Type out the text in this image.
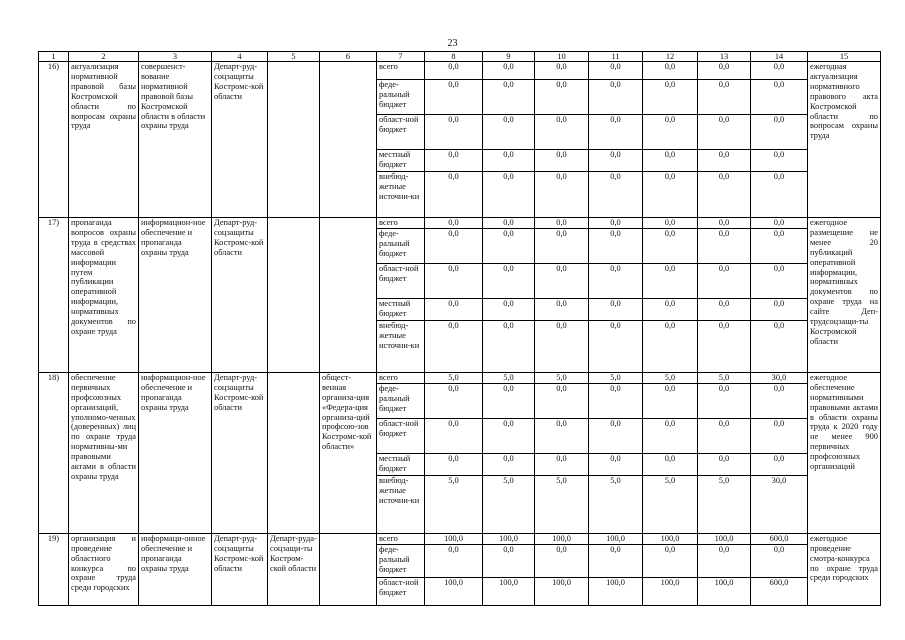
23
1	2	3	4	5	6	7	8	9	10	11	12	13	14	15
16)	актуализация нормативной правовой базы Костромской области по вопросам охраны труда	совершенст-вование нормативной правовой базы Костромской области в области охраны труда	Департ-руд-соцзащиты Костромс-кой области			всего	0,0	0,0	0,0	0,0	0,0	0,0	0,0	ежегодная актуализация нормативного правового акта Костромской области по вопросам охраны труда
						феде-ральный бюджет	0,0	0,0	0,0	0,0	0,0	0,0	0,0	
						област-ной бюджет	0,0	0,0	0,0	0,0	0,0	0,0	0,0	
						местный бюджет	0,0	0,0	0,0	0,0	0,0	0,0	0,0	
						внебюд-жетные источни-ки	0,0	0,0	0,0	0,0	0,0	0,0	0,0	
17)	пропаганда вопросов охраны труда в средствах массовой информации путем публикации оперативной информации, нормативных документов по охране труда	информацион-ное обеспечение и пропаганда охраны труда	Департ-руд-соцзащиты Костромс-кой области			всего	0,0	0,0	0,0	0,0	0,0	0,0	0,0	ежегодное размещение не менее 20 публикаций оперативной информации, нормативных документов по охране труда на сайте Деп-трудсоцзащи-ты Костромской области
						феде-ральный бюджет	0,0	0,0	0,0	0,0	0,0	0,0	0,0	
						област-ной бюджет	0,0	0,0	0,0	0,0	0,0	0,0	0,0	
						местный бюджет	0,0	0,0	0,0	0,0	0,0	0,0	0,0	
						внебюд-жетные источни-ки	0,0	0,0	0,0	0,0	0,0	0,0	0,0	
18)	обеспечение первичных профсоюзных организаций, уполномо-ченных (доверенных) лиц по охране труда нормативны-ми правовыми актами в области охраны труда	информацион-ное обеспечение и пропаганда охраны труда	Департ-руд-соцзащиты Костромс-кой области		общест-венная организа-ция «Федера-ция организа-ций профсою-зов Костромс-кой области»	всего	5,0	5,0	5,0	5,0	5,0	5,0	30,0	ежегодное обеспечение нормативными правовыми актами в области охраны труда к 2020 году не менее 900 первичных профсоюзных организаций
						феде-ральный бюджет	0,0	0,0	0,0	0,0	0,0	0,0	0,0	
						област-ной бюджет	0,0	0,0	0,0	0,0	0,0	0,0	0,0	
						местный бюджет	0,0	0,0	0,0	0,0	0,0	0,0	0,0	
						внебюд-жетные источни-ки	5,0	5,0	5,0	5,0	5,0	5,0	30,0	
19)	организация и проведение областного конкурса по охране труда среди городских	информаци-онное обеспечение и пропаганда охраны труда	Департ-руд-соцзащиты Костромс-кой области	Департ-руда-соцзащи-ты Костром-ской области		всего	100,0	100,0	100,0	100,0	100,0	100,0	600,0	ежегодное проведение смотра-конкурса по охране труда среди городских
						феде-ральный бюджет	0,0	0,0	0,0	0,0	0,0	0,0	0,0	
						област-ной бюджет	100,0	100,0	100,0	100,0	100,0	100,0	600,0	
